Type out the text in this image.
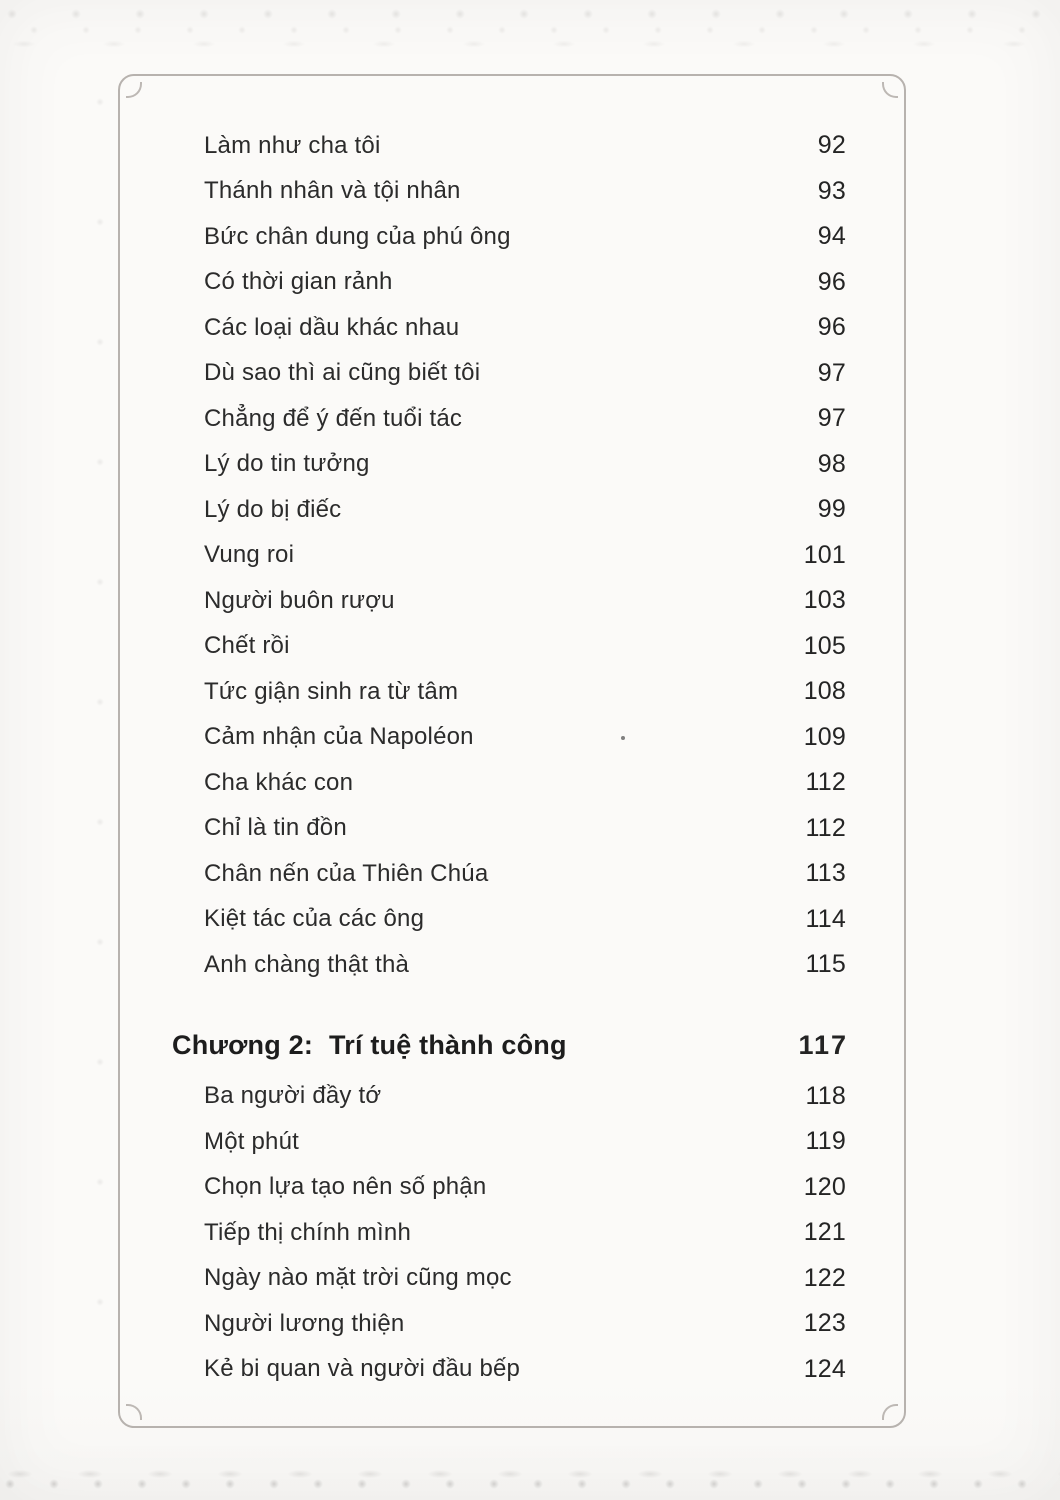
Làm như cha tôi	92
Thánh nhân và tội nhân	93
Bức chân dung của phú ông	94
Có thời gian rảnh	96
Các loại dầu khác nhau	96
Dù sao thì ai cũng biết tôi	97
Chẳng để ý đến tuổi tác	97
Lý do tin tưởng	98
Lý do bị điếc	99
Vung roi	101
Người buôn rượu	103
Chết rồi	105
Tức giận sinh ra từ tâm	108
Cảm nhận của Napoléon	109
Cha khác con	112
Chỉ là tin đồn	112
Chân nến của Thiên Chúa	113
Kiệt tác của các ông	114
Anh chàng thật thà	115
Chương 2: Trí tuệ thành công	117
Ba người đầy tớ	118
Một phút	119
Chọn lựa tạo nên số phận	120
Tiếp thị chính mình	121
Ngày nào mặt trời cũng mọc	122
Người lương thiện	123
Kẻ bi quan và người đầu bếp	124
